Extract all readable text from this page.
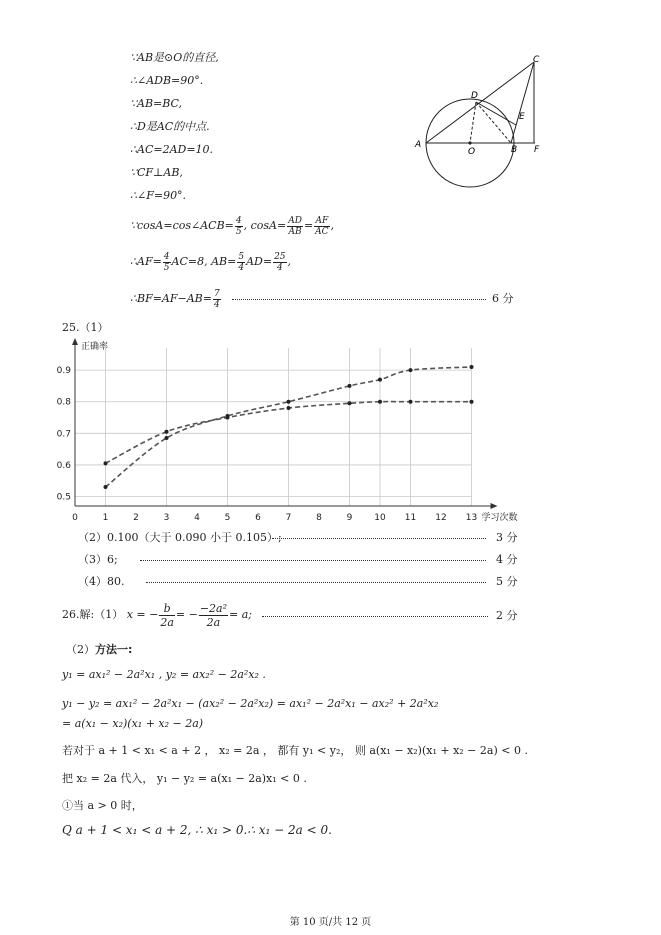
∵AB是⊙O的直径,
∴∠ADB=90°.
∵AB=BC,
∴D是AC的中点.
∴AC=2AD=10.
∵CF⊥AB,
∴∠F=90°.
∵cosA=cos∠ACB= $\frac{4}{5}$ , $\cos A= \frac{AD}{AB} = \frac{AF}{AC}$ ,
∴AF= $\frac{4}{5} AC=8$, $AB= \frac{5}{4} AD= \frac{25}{4}$ ,
∴BF=AF−AB= $\frac{7}{4}$	6 分
A
O	B
C
D
E
F
25.（1）
0	1	2	3	4	5	6	7	8	9 10 11 12 13
0.5
0.6
0.7
0.8
0.9
正确率
学习次数
（2）0.100（大于 0.090 小于 0.105）;	3 分
（3）6;	4 分
（4）80.	5 分
26.解:（1） x = − $\frac{b}{2a}$ = − $\frac{\text{−2a²}}{2a} = a$;	2 分
（2）方法一:
y₁ = ax₁² − 2a²x₁ , y₂ = ax₂² − 2a²x₂ .
y₁ − y₂ = ax₁² − 2a²x₁ − (ax₂² − 2a²x₂) = ax₁² − 2a²x₁ − ax₂² + 2a²x₂
= a(x₁ − x₂)(x₁ + x₂ − 2a)
若对于 a + 1 < x₁ < a + 2 ， x₂ = 2a ， 都有 y₁ < y₂， 则 a(x₁ − x₂)(x₁ + x₂ − 2a) < 0 .
把 x₂ = 2a 代入， y₁ − y₂ = a(x₁ − 2a)x₁ < 0 .
①当 a > 0 时，
Q a + 1 < x₁ < a + 2, ∴ x₁ > 0.∴ x₁ − 2a < 0.
第 10 页/共 12 页
